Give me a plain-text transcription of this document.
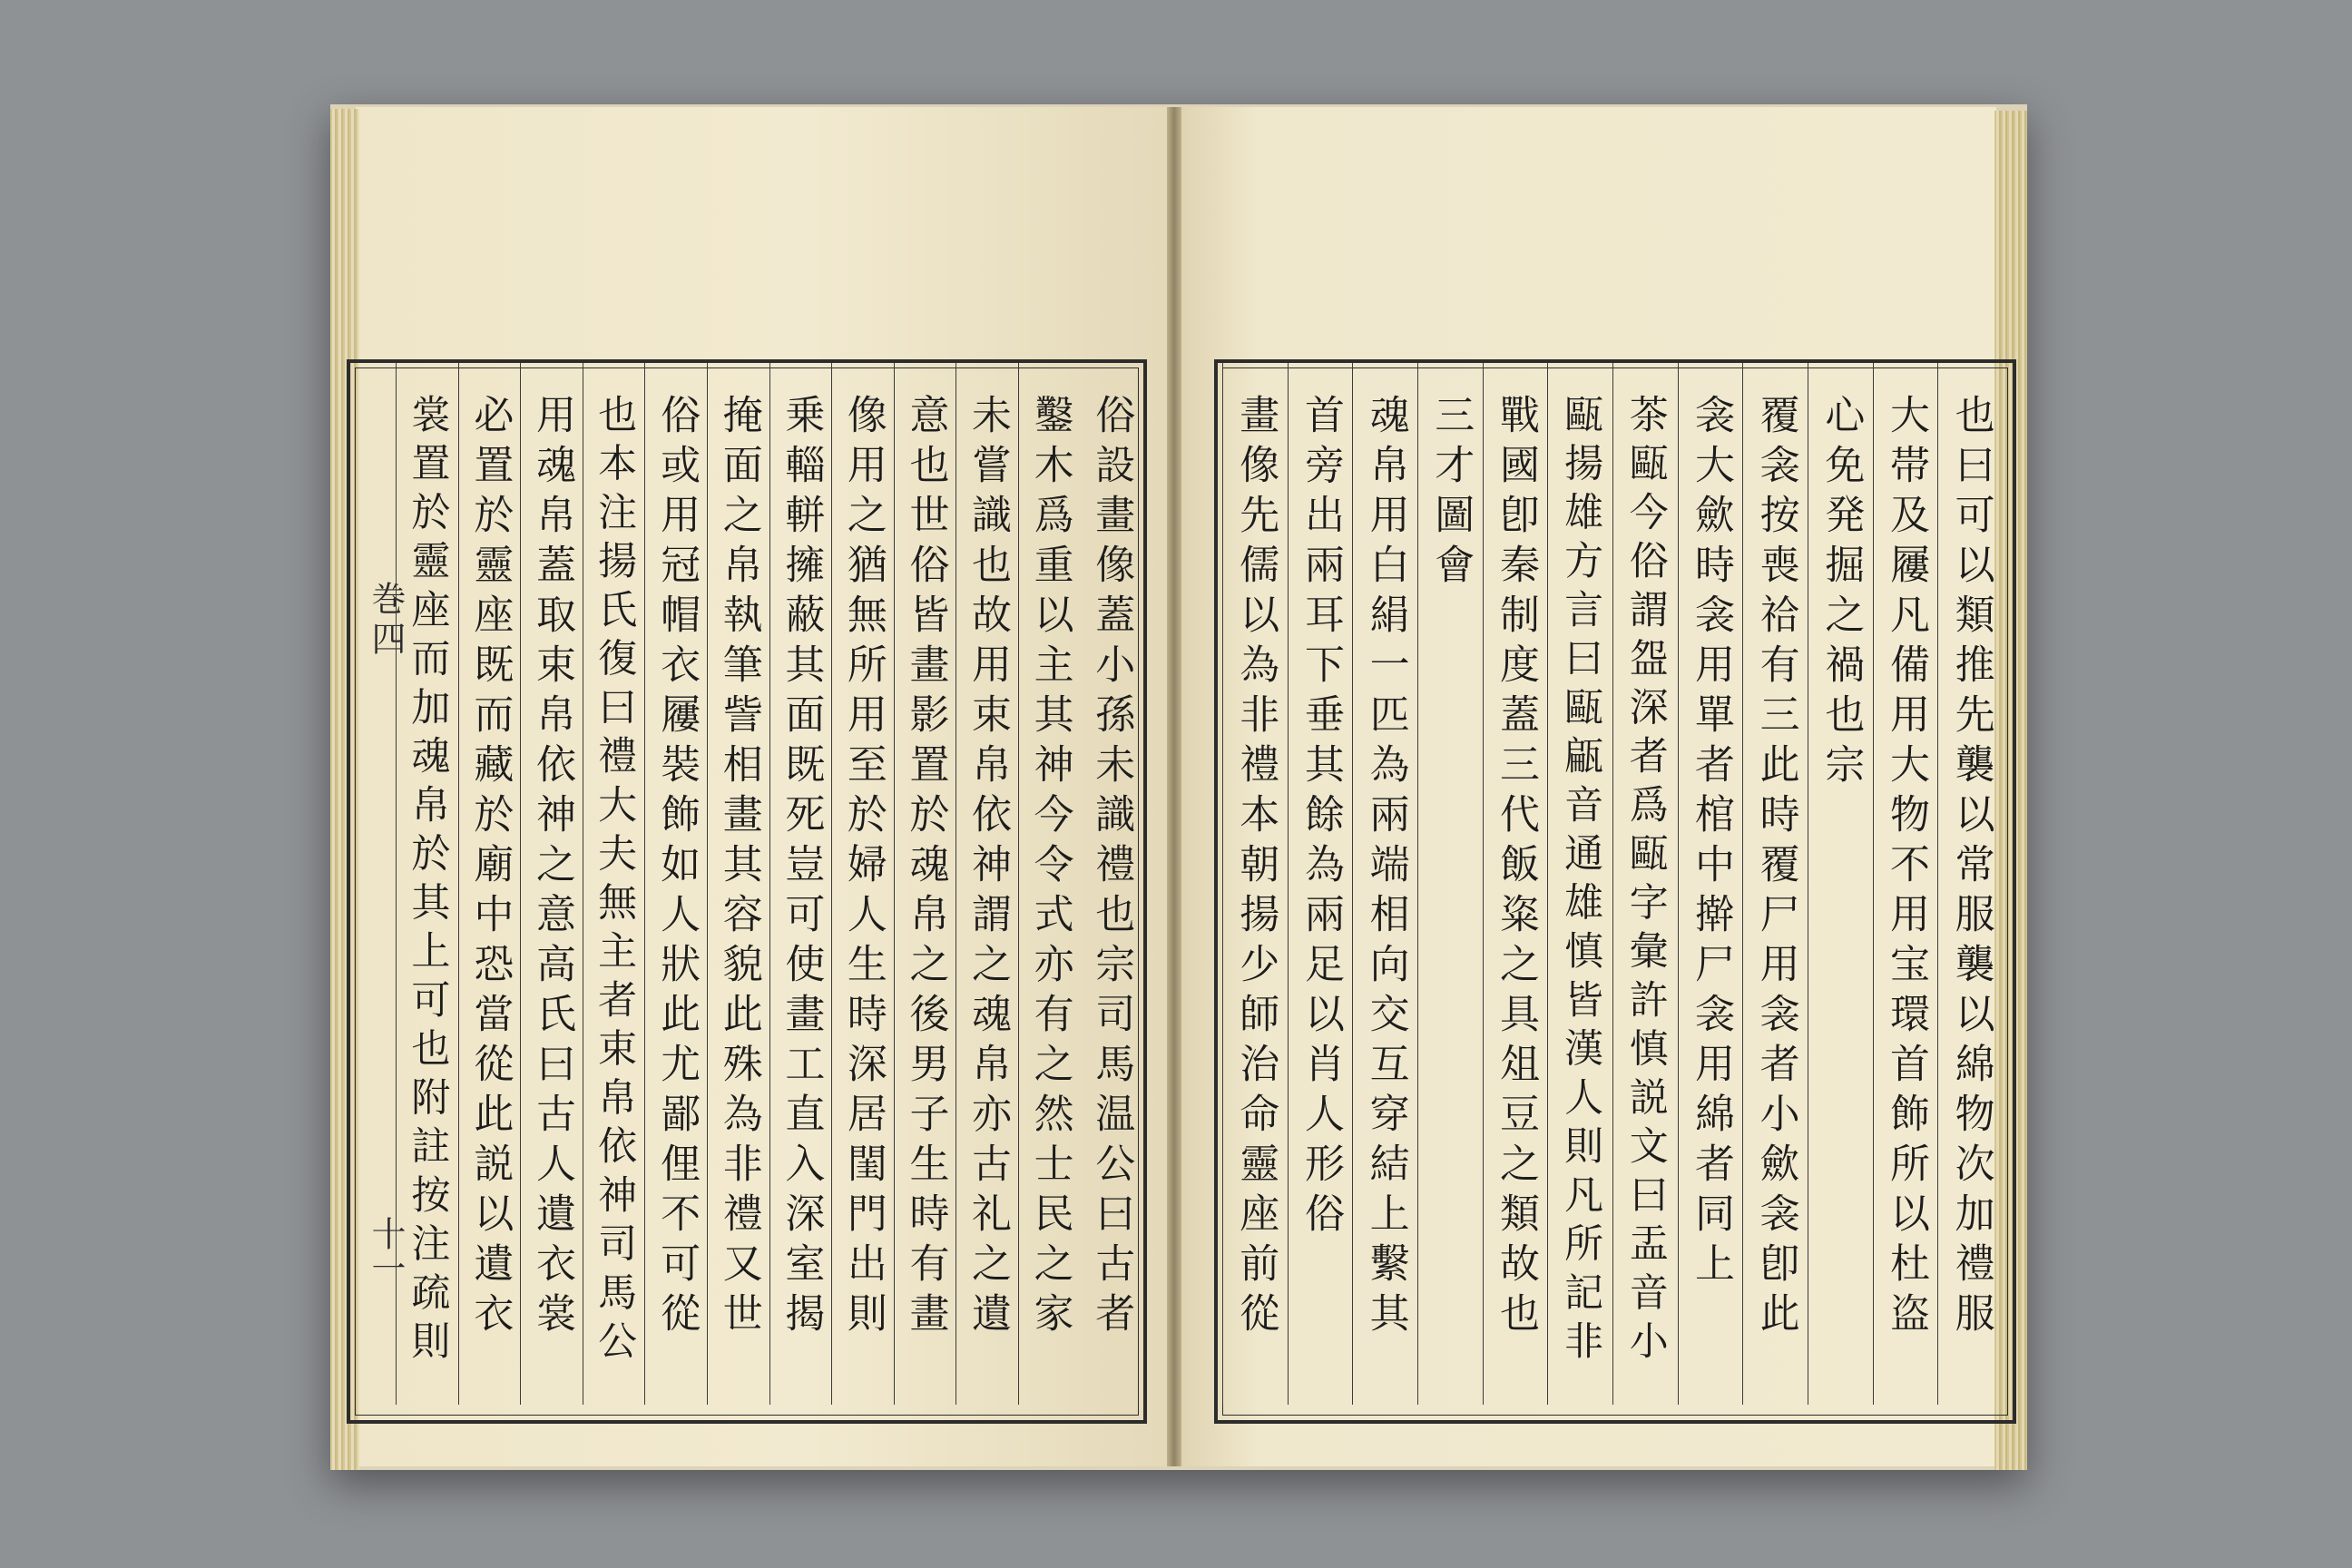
巻四
十一	俗設畫像蓋小孫未識禮也宗司馬温公曰古者
鑿木爲重以主其神今令式亦有之然士民之家
未嘗識也故用束帛依神謂之魂帛亦古礼之遺
意也世俗皆畫影置於魂帛之後男子生時有畫
像用之猶無所用至於婦人生時深居閨門出則
乗輜軿擁蔽其面既死豈可使畫工直入深室揭
掩面之帛執筆訾相畫其容貌此殊為非禮又世
俗或用冠帽衣屨裝飾如人狀此尤鄙俚不可從
也本注揚氏復曰禮大夫無主者束帛依神司馬公
用魂帛蓋取束帛依神之意高氏曰古人遺衣裳
必置於靈座既而藏於廟中恐當從此説以遺衣
裳置於靈座而加魂帛於其上可也附註按注疏則	也曰可以類推先襲以常服襲以綿物次加禮服
大帯及屨凡備用大物不用宝環首飾所以杜盗
心免発掘之禍也宗
覆衾按喪祫有三此時覆尸用衾者小歛衾卽此
衾大歛時衾用單者棺中擀尸衾用綿者同上
茶甌今俗謂盌深者爲甌字彙許慎説文曰盂音小
甌揚雄方言曰甌甂音通雄慎皆漢人則凡所記非
戰國卽秦制度蓋三代飯粢之具俎豆之類故也
三才圖會
魂帛用白絹一匹為兩端相向交互穿結上繫其
首旁出兩耳下垂其餘為兩足以肖人形俗
畫像先儒以為非禮本朝揚少師治命靈座前從
